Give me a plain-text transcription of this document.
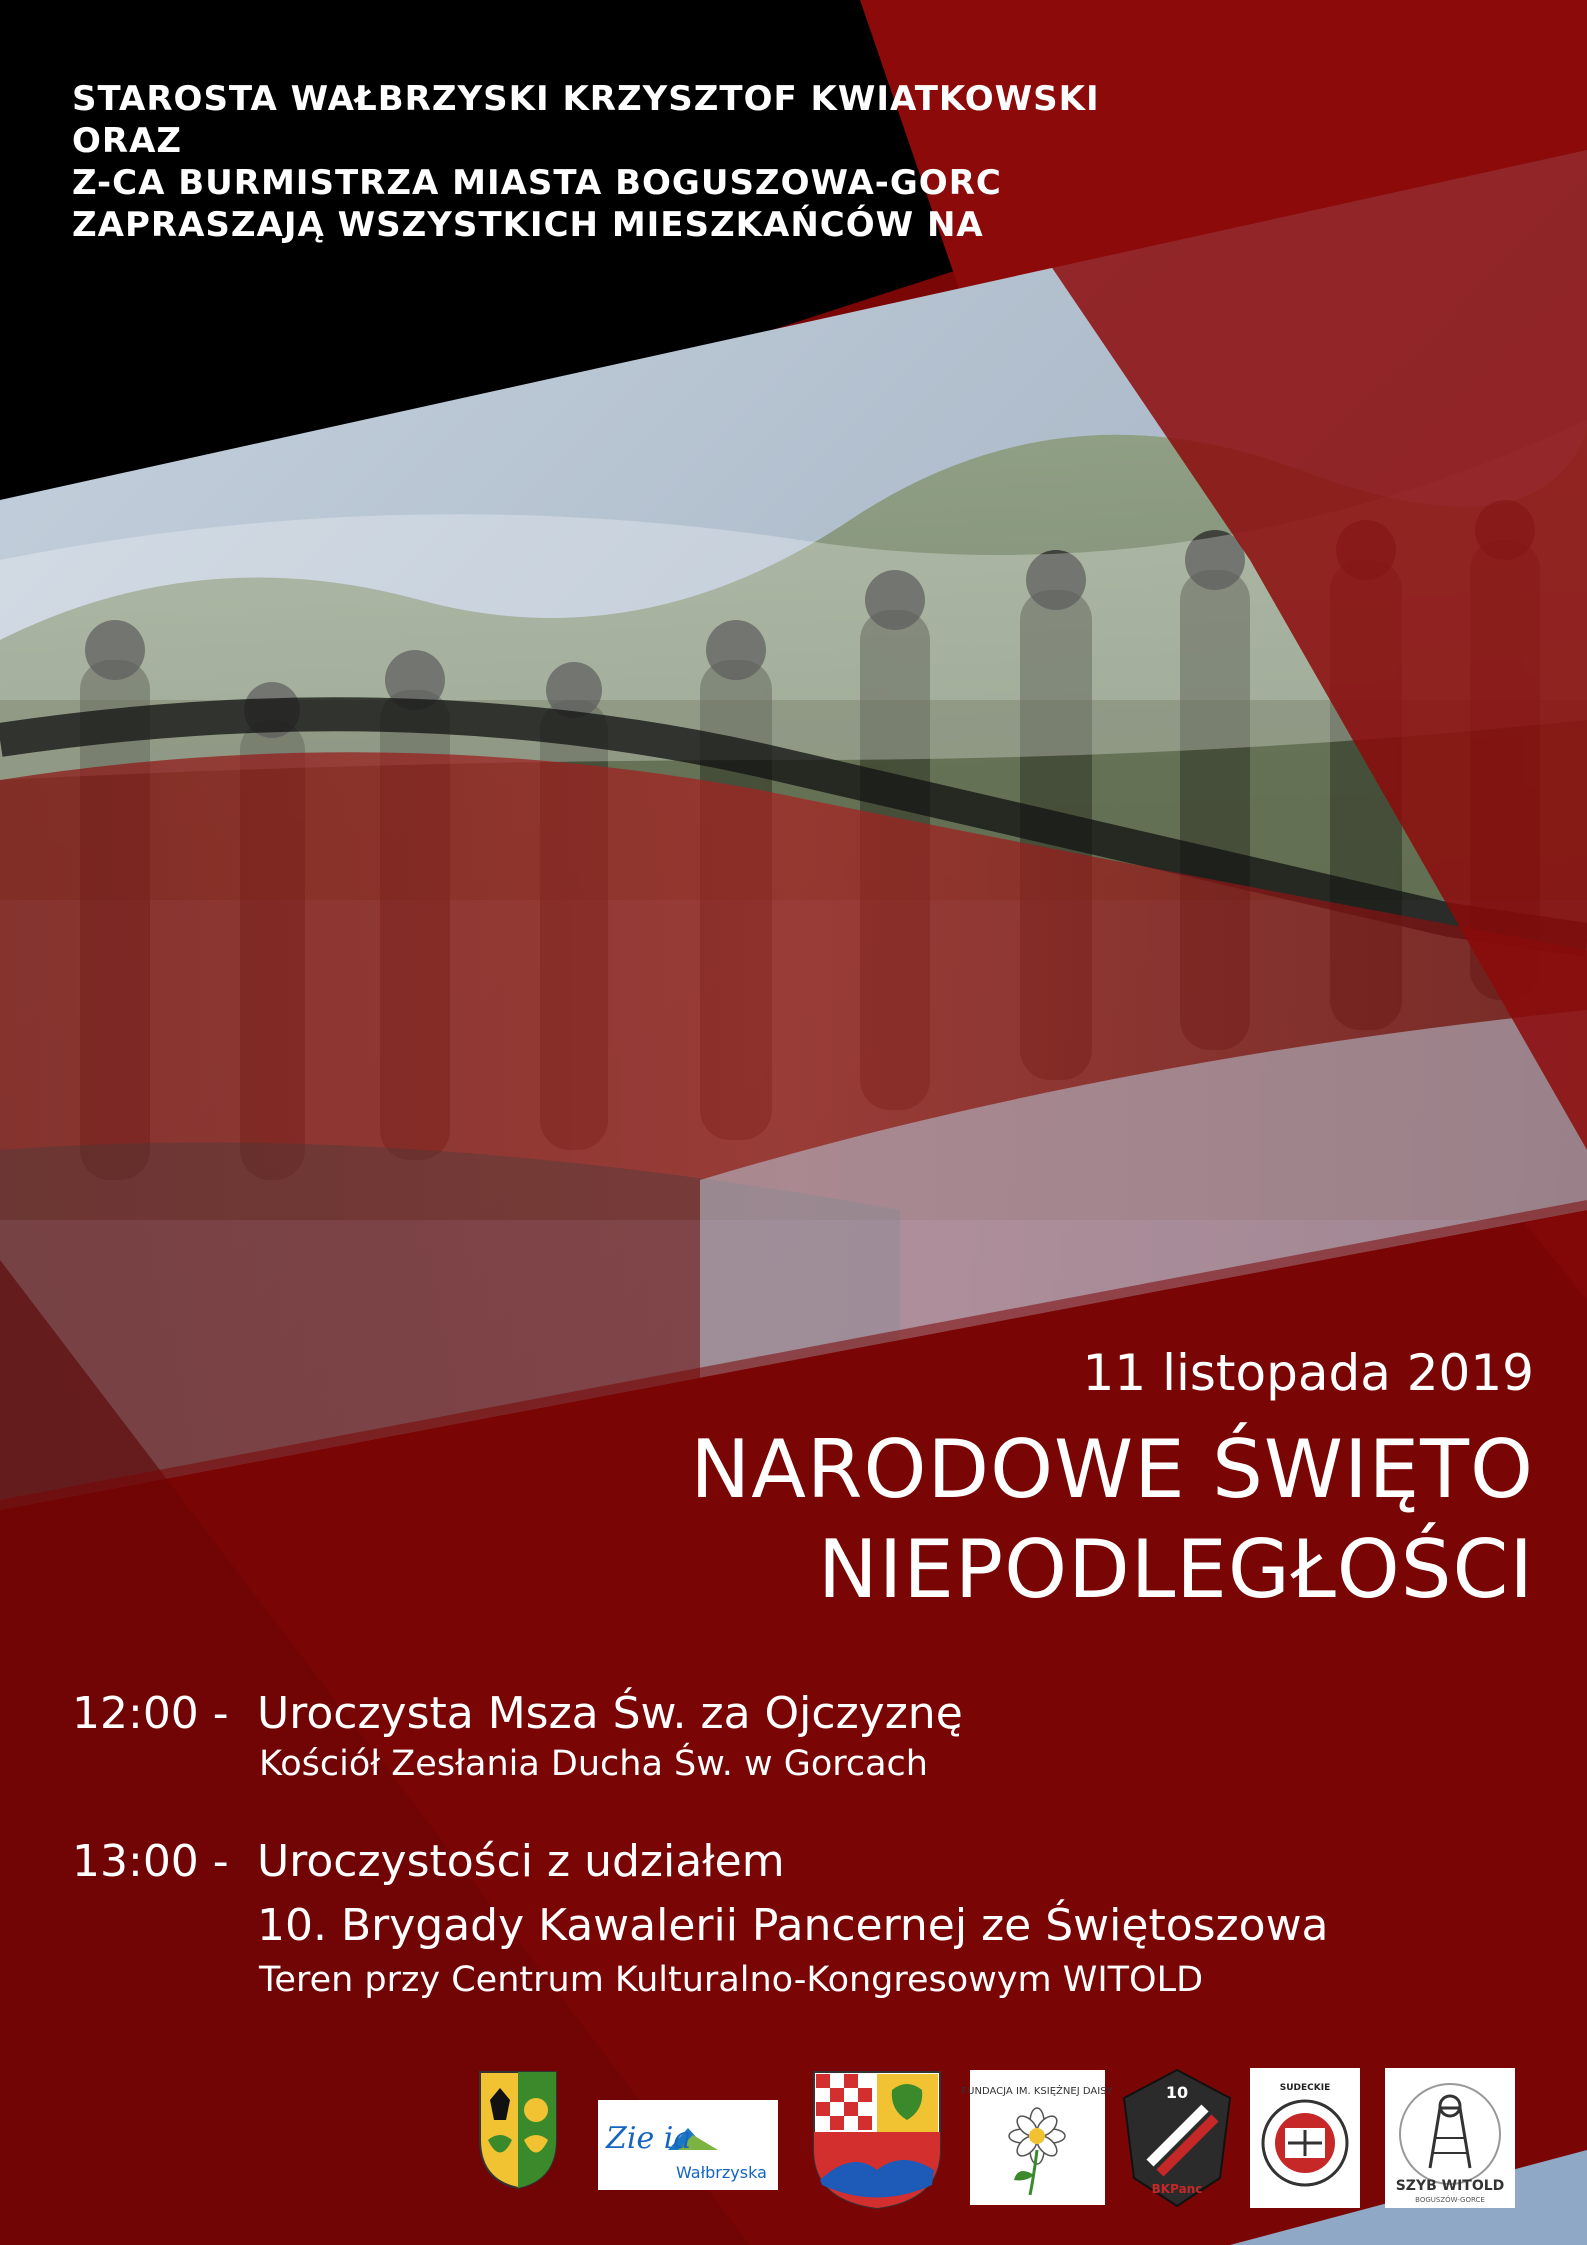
STAROSTA WAŁBRZYSKI KRZYSZTOF KWIATKOWSKI
ORAZ
Z-CA BURMISTRZA MIASTA BOGUSZOWA-GORC
ZAPRASZAJĄ WSZYSTKICH MIESZKAŃCÓW NA
11 listopada 2019
NARODOWE ŚWIĘTO
NIEPODLEGŁOŚCI
12:00 - Uroczysta Msza Św. za Ojczyznę
Kościół Zesłania Ducha Św. w Gorcach
13:00 - Uroczystości z udziałem
10. Brygady Kawalerii Pancernej ze Świętoszowa
Teren przy Centrum Kulturalno-Kongresowym WITOLD
Zie ia
Wałbrzyska
FUNDACJA IM. KSIĘŻNEJ DAISY	10
BKPanc
SUDECKIE
SZYB WITOLD
BOGUSZÓW-GORCE
